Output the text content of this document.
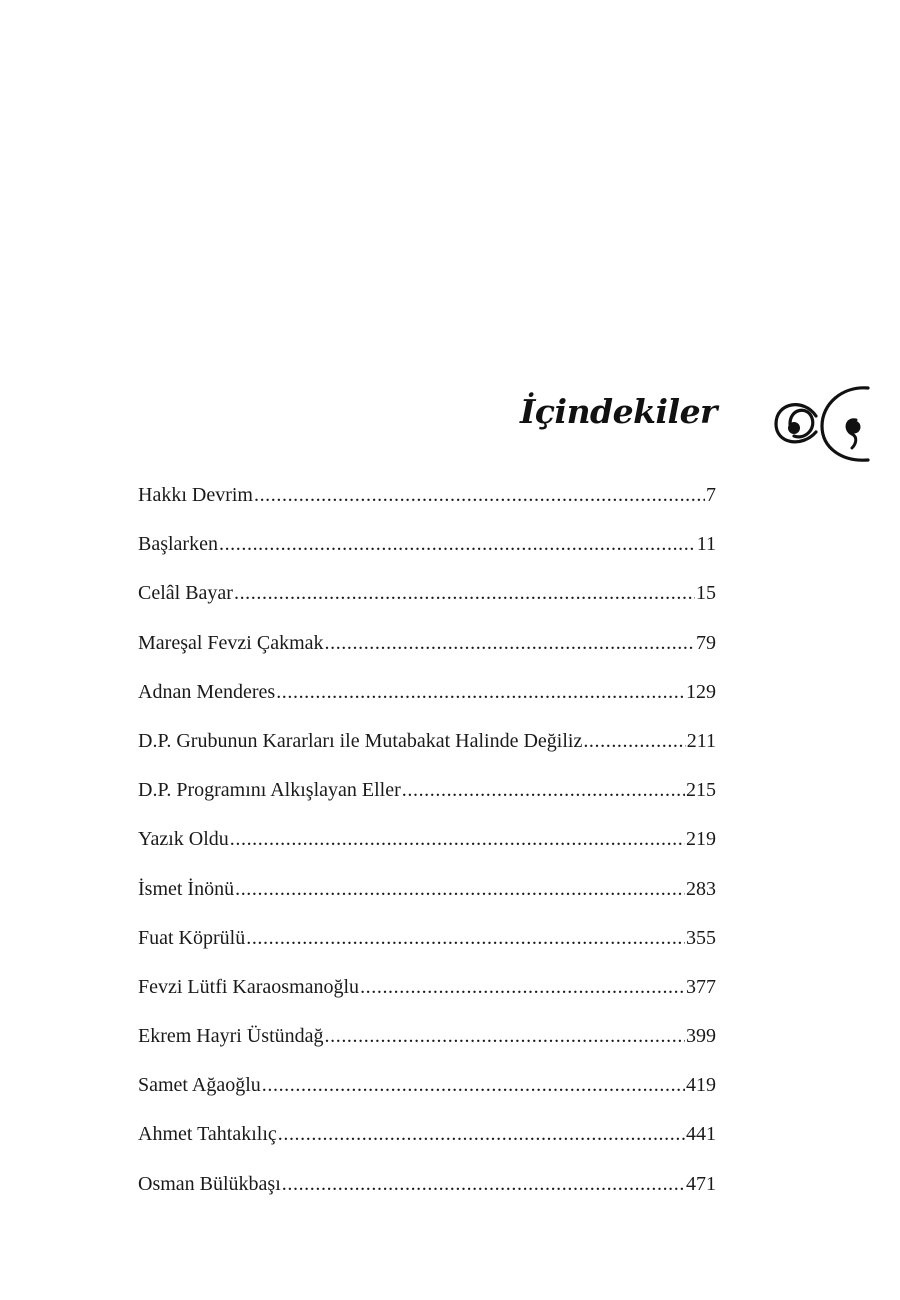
İçindekiler
Hakkı Devrim .....	7
Başlarken .....	11
Celâl Bayar .....	15
Mareşal Fevzi Çakmak .....	79
Adnan Menderes .....	129
D.P. Grubunun Kararları ile Mutabakat Halinde Değiliz .....	211
D.P. Programını Alkışlayan Eller .....	215
Yazık Oldu .....	219
İsmet İnönü .....	283
Fuat Köprülü .....	355
Fevzi Lütfi Karaosmanoğlu .....	377
Ekrem Hayri Üstündağ .....	399
Samet Ağaoğlu .....	419
Ahmet Tahtakılıç .....	441
Osman Bülükbaşı .....	471
